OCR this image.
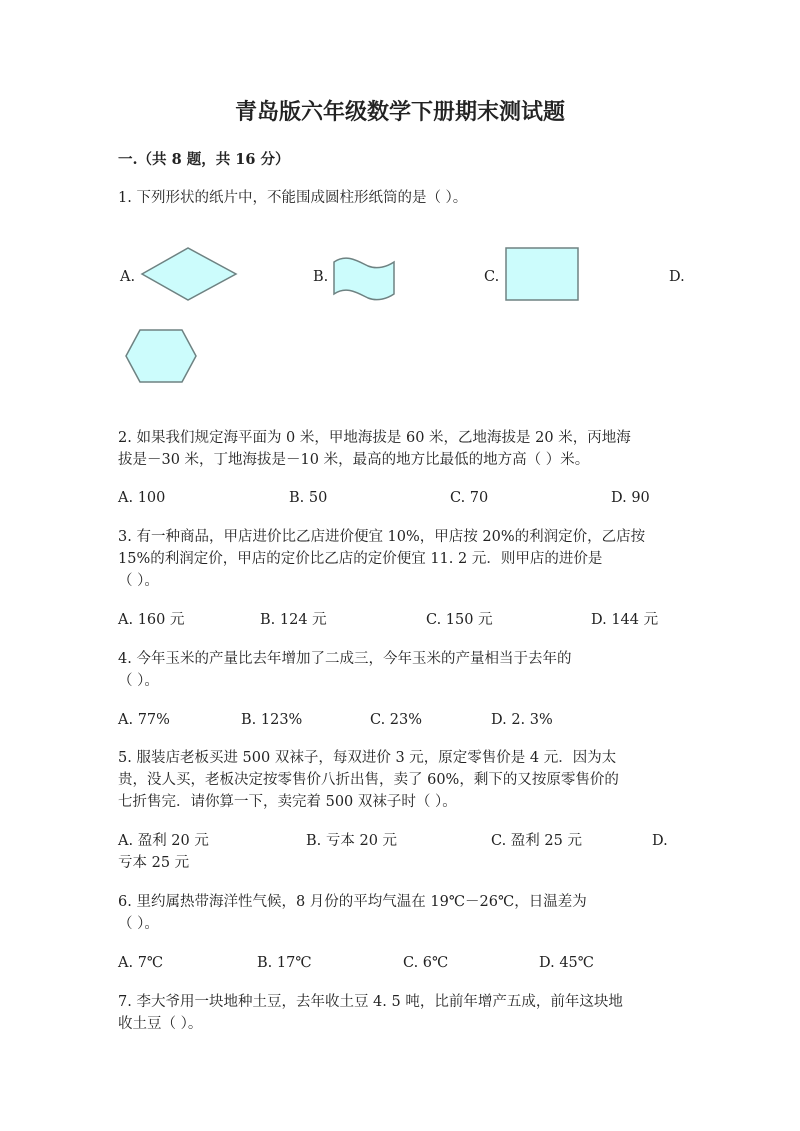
青岛版六年级数学下册期末测试题
一.（共 8 题，共 16 分）
1. 下列形状的纸片中，不能围成圆柱形纸筒的是（ ）。
A.	B.	C.	D.
2. 如果我们规定海平面为 0 米，甲地海拔是 60 米，乙地海拔是 20 米，丙地海
拔是－30 米，丁地海拔是－10 米，最高的地方比最低的地方高（ ）米。
A. 100	B. 50	C. 70	D. 90
3. 有一种商品，甲店进价比乙店进价便宜 10%，甲店按 20%的利润定价，乙店按
15%的利润定价，甲店的定价比乙店的定价便宜 11. 2 元．则甲店的进价是
（ ）。
A. 160 元	B. 124 元	C. 150 元	D. 144 元
4. 今年玉米的产量比去年增加了二成三，今年玉米的产量相当于去年的
（ ）。
A. 77%	B. 123%	C. 23%	D. 2. 3%
5. 服装店老板买进 500 双袜子，每双进价 3 元，原定零售价是 4 元．因为太
贵，没人买，老板决定按零售价八折出售，卖了 60%，剩下的又按原零售价的
七折售完．请你算一下，卖完着 500 双袜子时（ ）。
A. 盈利 20 元	B. 亏本 20 元	C. 盈利 25 元	D.
亏本 25 元
6. 里约属热带海洋性气候，8 月份的平均气温在 19℃－26℃，日温差为
（ ）。
A. 7℃	B. 17℃	C. 6℃	D. 45℃
7. 李大爷用一块地种土豆，去年收土豆 4. 5 吨，比前年增产五成，前年这块地
收土豆（ ）。
